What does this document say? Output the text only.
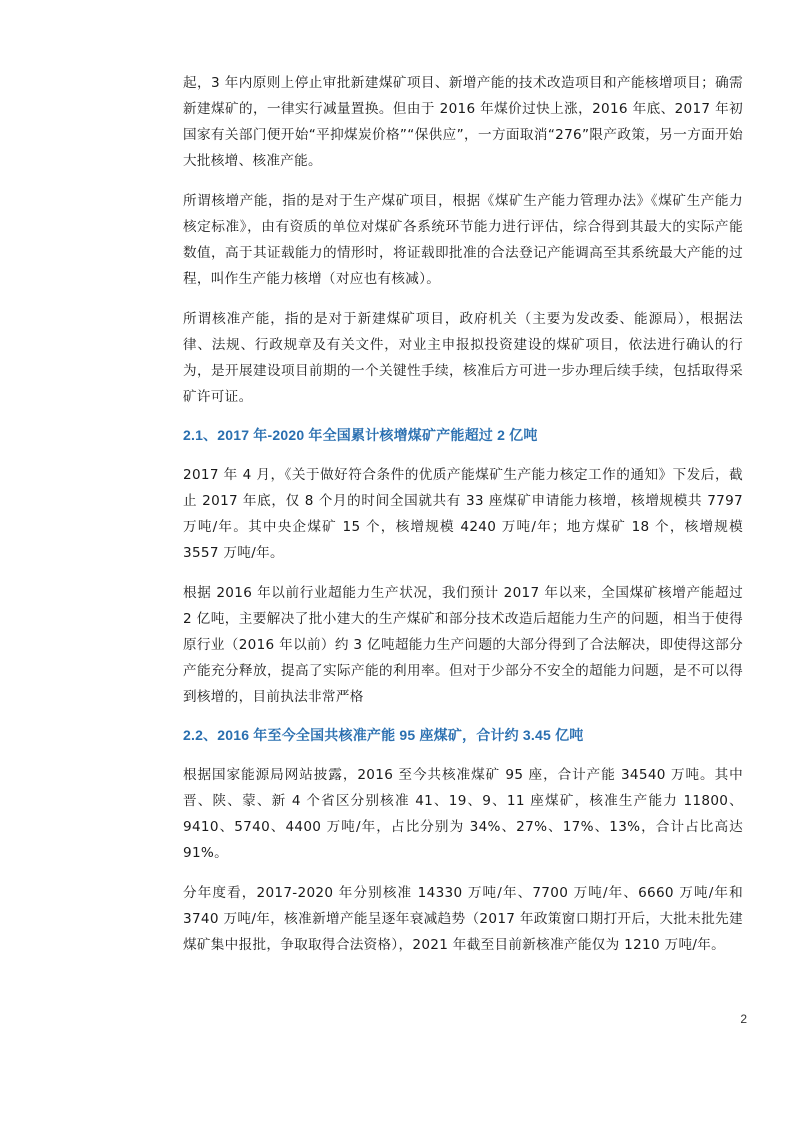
起，3 年内原则上停止审批新建煤矿项目、新增产能的技术改造项目和产能核增项目；确需新建煤矿的，一律实行减量置换。但由于 2016 年煤价过快上涨，2016 年底、2017 年初国家有关部门便开始“平抑煤炭价格”“保供应”，一方面取消“276”限产政策，另一方面开始大批核增、核准产能。

所谓核增产能，指的是对于生产煤矿项目，根据《煤矿生产能力管理办法》《煤矿生产能力核定标准》，由有资质的单位对煤矿各系统环节能力进行评估，综合得到其最大的实际产能数值，高于其证载能力的情形时，将证载即批准的合法登记产能调高至其系统最大产能的过程，叫作生产能力核增（对应也有核减）。

所谓核准产能，指的是对于新建煤矿项目，政府机关（主要为发改委、能源局），根据法律、法规、行政规章及有关文件，对业主申报拟投资建设的煤矿项目，依法进行确认的行为，是开展建设项目前期的一个关键性手续，核准后方可进一步办理后续手续，包括取得采矿许可证。

2.1、2017 年-2020 年全国累计核增煤矿产能超过 2 亿吨

2017 年 4 月，《关于做好符合条件的优质产能煤矿生产能力核定工作的通知》下发后，截止 2017 年底，仅 8 个月的时间全国就共有 33 座煤矿申请能力核增，核增规模共 7797 万吨/年。其中央企煤矿 15 个，核增规模 4240 万吨/年；地方煤矿 18 个，核增规模 3557 万吨/年。

根据 2016 年以前行业超能力生产状况，我们预计 2017 年以来，全国煤矿核增产能超过 2 亿吨，主要解决了批小建大的生产煤矿和部分技术改造后超能力生产的问题，相当于使得原行业（2016 年以前）约 3 亿吨超能力生产问题的大部分得到了合法解决，即使得这部分产能充分释放，提高了实际产能的利用率。但对于少部分不安全的超能力问题，是不可以得到核增的，目前执法非常严格

2.2、2016 年至今全国共核准产能 95 座煤矿，合计约 3.45 亿吨

根据国家能源局网站披露，2016 至今共核准煤矿 95 座，合计产能 34540 万吨。其中晋、陕、蒙、新 4 个省区分别核准 41、19、9、11 座煤矿，核准生产能力 11800、9410、5740、4400 万吨/年，占比分别为 34%、27%、17%、13%，合计占比高达 91%。

分年度看，2017-2020 年分别核准 14330 万吨/年、7700 万吨/年、6660 万吨/年和 3740 万吨/年，核准新增产能呈逐年衰减趋势（2017 年政策窗口期打开后，大批未批先建煤矿集中报批，争取取得合法资格），2021 年截至目前新核准产能仅为 1210 万吨/年。

2
